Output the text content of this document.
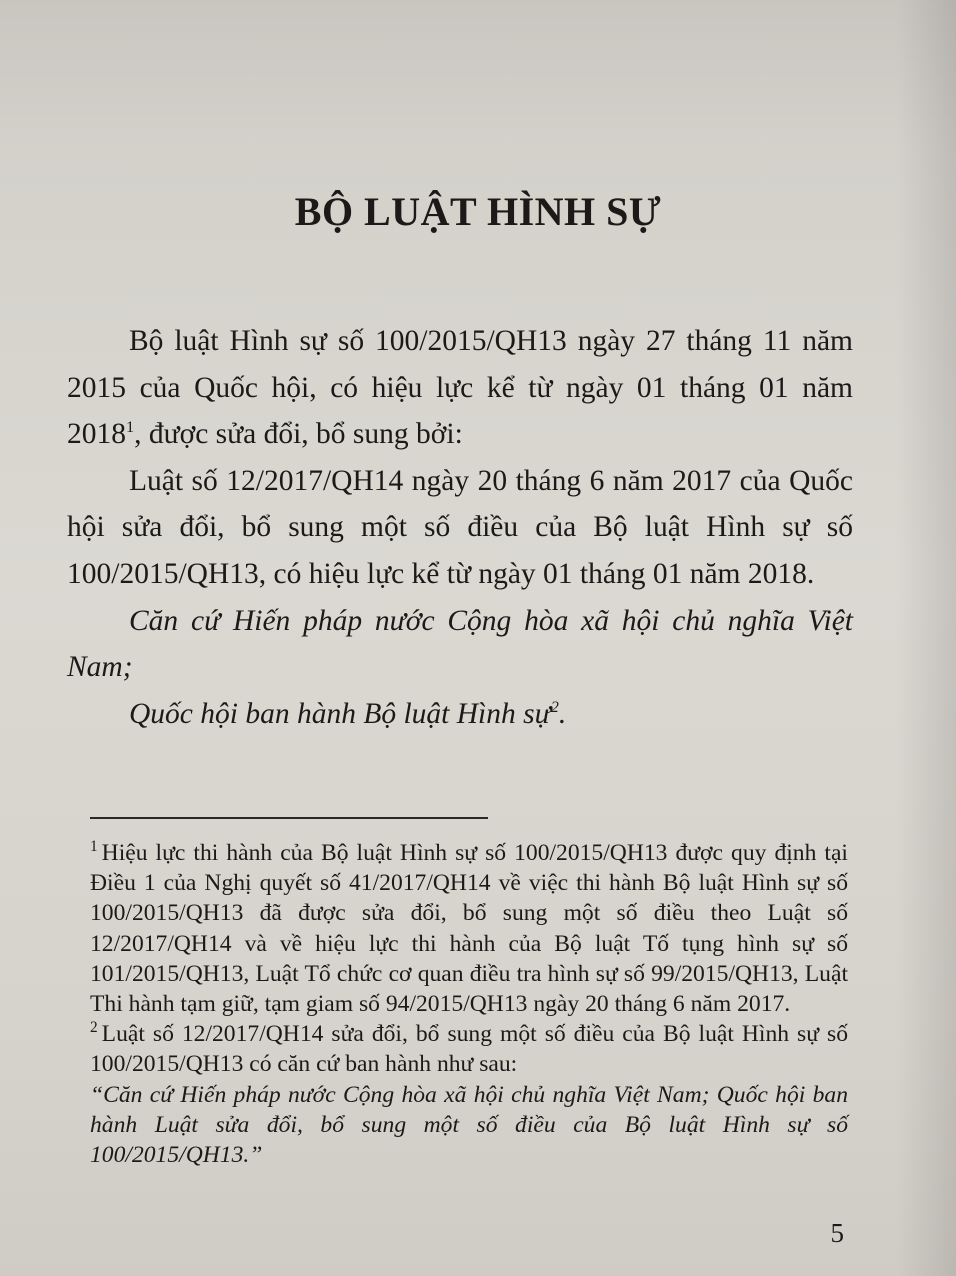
BỘ LUẬT HÌNH SỰ

Bộ luật Hình sự số 100/2015/QH13 ngày 27 tháng 11 năm 2015 của Quốc hội, có hiệu lực kể từ ngày 01 tháng 01 năm 2018$^1$, được sửa đổi, bổ sung bởi:

Luật số 12/2017/QH14 ngày 20 tháng 6 năm 2017 của Quốc hội sửa đổi, bổ sung một số điều của Bộ luật Hình sự số 100/2015/QH13, có hiệu lực kể từ ngày 01 tháng 01 năm 2018.

Căn cứ Hiến pháp nước Cộng hòa xã hội chủ nghĩa Việt Nam;

Quốc hội ban hành Bộ luật Hình sự$^2$.

$^1$ Hiệu lực thi hành của Bộ luật Hình sự số 100/2015/QH13 được quy định tại Điều 1 của Nghị quyết số 41/2017/QH14 về việc thi hành Bộ luật Hình sự số 100/2015/QH13 đã được sửa đổi, bổ sung một số điều theo Luật số 12/2017/QH14 và về hiệu lực thi hành của Bộ luật Tố tụng hình sự số 101/2015/QH13, Luật Tổ chức cơ quan điều tra hình sự số 99/2015/QH13, Luật Thi hành tạm giữ, tạm giam số 94/2015/QH13 ngày 20 tháng 6 năm 2017.

$^2$ Luật số 12/2017/QH14 sửa đổi, bổ sung một số điều của Bộ luật Hình sự số 100/2015/QH13 có căn cứ ban hành như sau:

“Căn cứ Hiến pháp nước Cộng hòa xã hội chủ nghĩa Việt Nam; Quốc hội ban hành Luật sửa đổi, bổ sung một số điều của Bộ luật Hình sự số 100/2015/QH13.”

5
